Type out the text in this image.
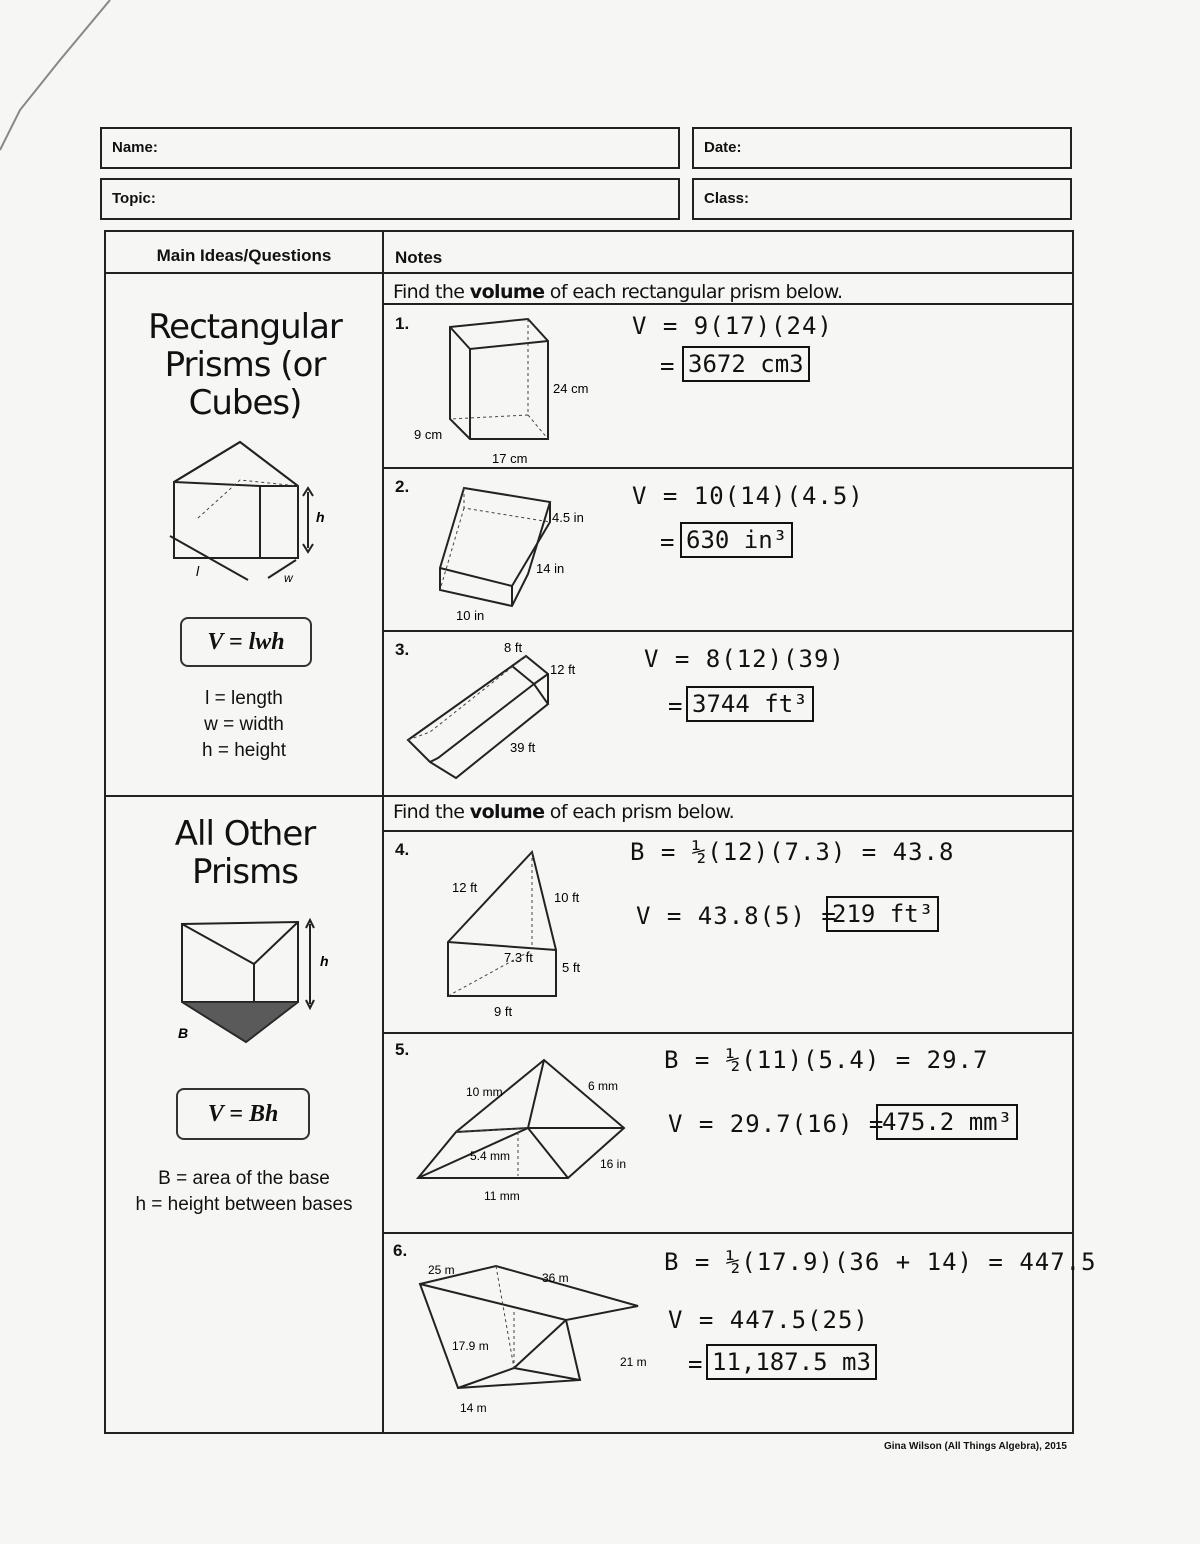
Name:	Date:
Topic:	Class:
Main Ideas/Questions	Notes
Rectangular Prisms (or Cubes)
h
l	w
V = lwh
l = length
w = width
h = height
Find the volume of each rectangular prism below.
1.
24 cm
9 cm
17 cm
V = 9(17)(24)
= 3672 cm3
2.
4.5 in
14 in
10 in
V = 10(14)(4.5)
= 630 in³
3.	8 ft
12 ft
39 ft
V = 8(12)(39)
= 3744 ft³
All Other Prisms
h
B
V = Bh
B = area of the base
h = height between bases
Find the volume of each prism below.
4.
12 ft
10 ft
7.3 ft
5 ft
9 ft
B = ½(12)(7.3) = 43.8
V = 43.8(5) =
219 ft³
5.
10 mm	6 mm
5.4 mm
16 in
11 mm
B = ½(11)(5.4) = 29.7
V = 29.7(16) =
475.2 mm³
6.
25 m
36 m
17.9 m
21 m
14 m
B = ½(17.9)(36 + 14) = 447.5
V = 447.5(25)
= 11,187.5 m3
Gina Wilson (All Things Algebra), 2015
